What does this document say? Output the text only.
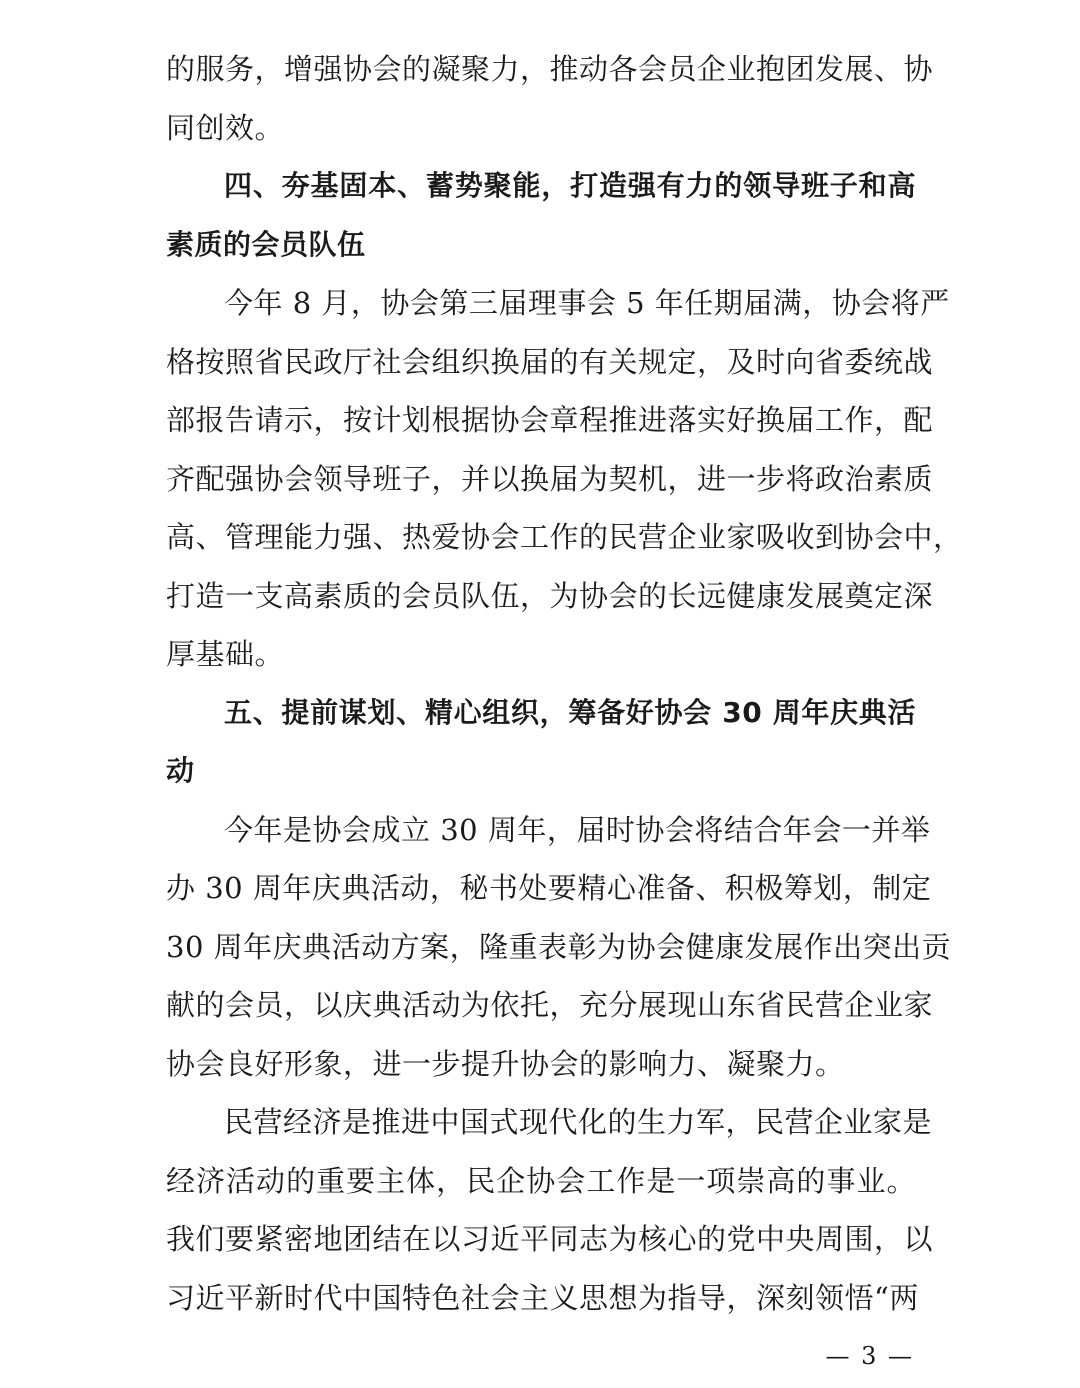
的服务，增强协会的凝聚力，推动各会员企业抱团发展、协
同创效。
四、夯基固本、蓄势聚能，打造强有力的领导班子和高
素质的会员队伍
今年 8 月，协会第三届理事会 5 年任期届满，协会将严
格按照省民政厅社会组织换届的有关规定，及时向省委统战
部报告请示，按计划根据协会章程推进落实好换届工作，配
齐配强协会领导班子，并以换届为契机，进一步将政治素质
高、管理能力强、热爱协会工作的民营企业家吸收到协会中，
打造一支高素质的会员队伍，为协会的长远健康发展奠定深
厚基础。
五、提前谋划、精心组织，筹备好协会 30 周年庆典活
动
今年是协会成立 30 周年，届时协会将结合年会一并举
办 30 周年庆典活动，秘书处要精心准备、积极筹划，制定
30 周年庆典活动方案，隆重表彰为协会健康发展作出突出贡
献的会员，以庆典活动为依托，充分展现山东省民营企业家
协会良好形象，进一步提升协会的影响力、凝聚力。
民营经济是推进中国式现代化的生力军，民营企业家是
经济活动的重要主体，民企协会工作是一项崇高的事业。
我们要紧密地团结在以习近平同志为核心的党中央周围，以
习近平新时代中国特色社会主义思想为指导，深刻领悟“两
— 3 —
